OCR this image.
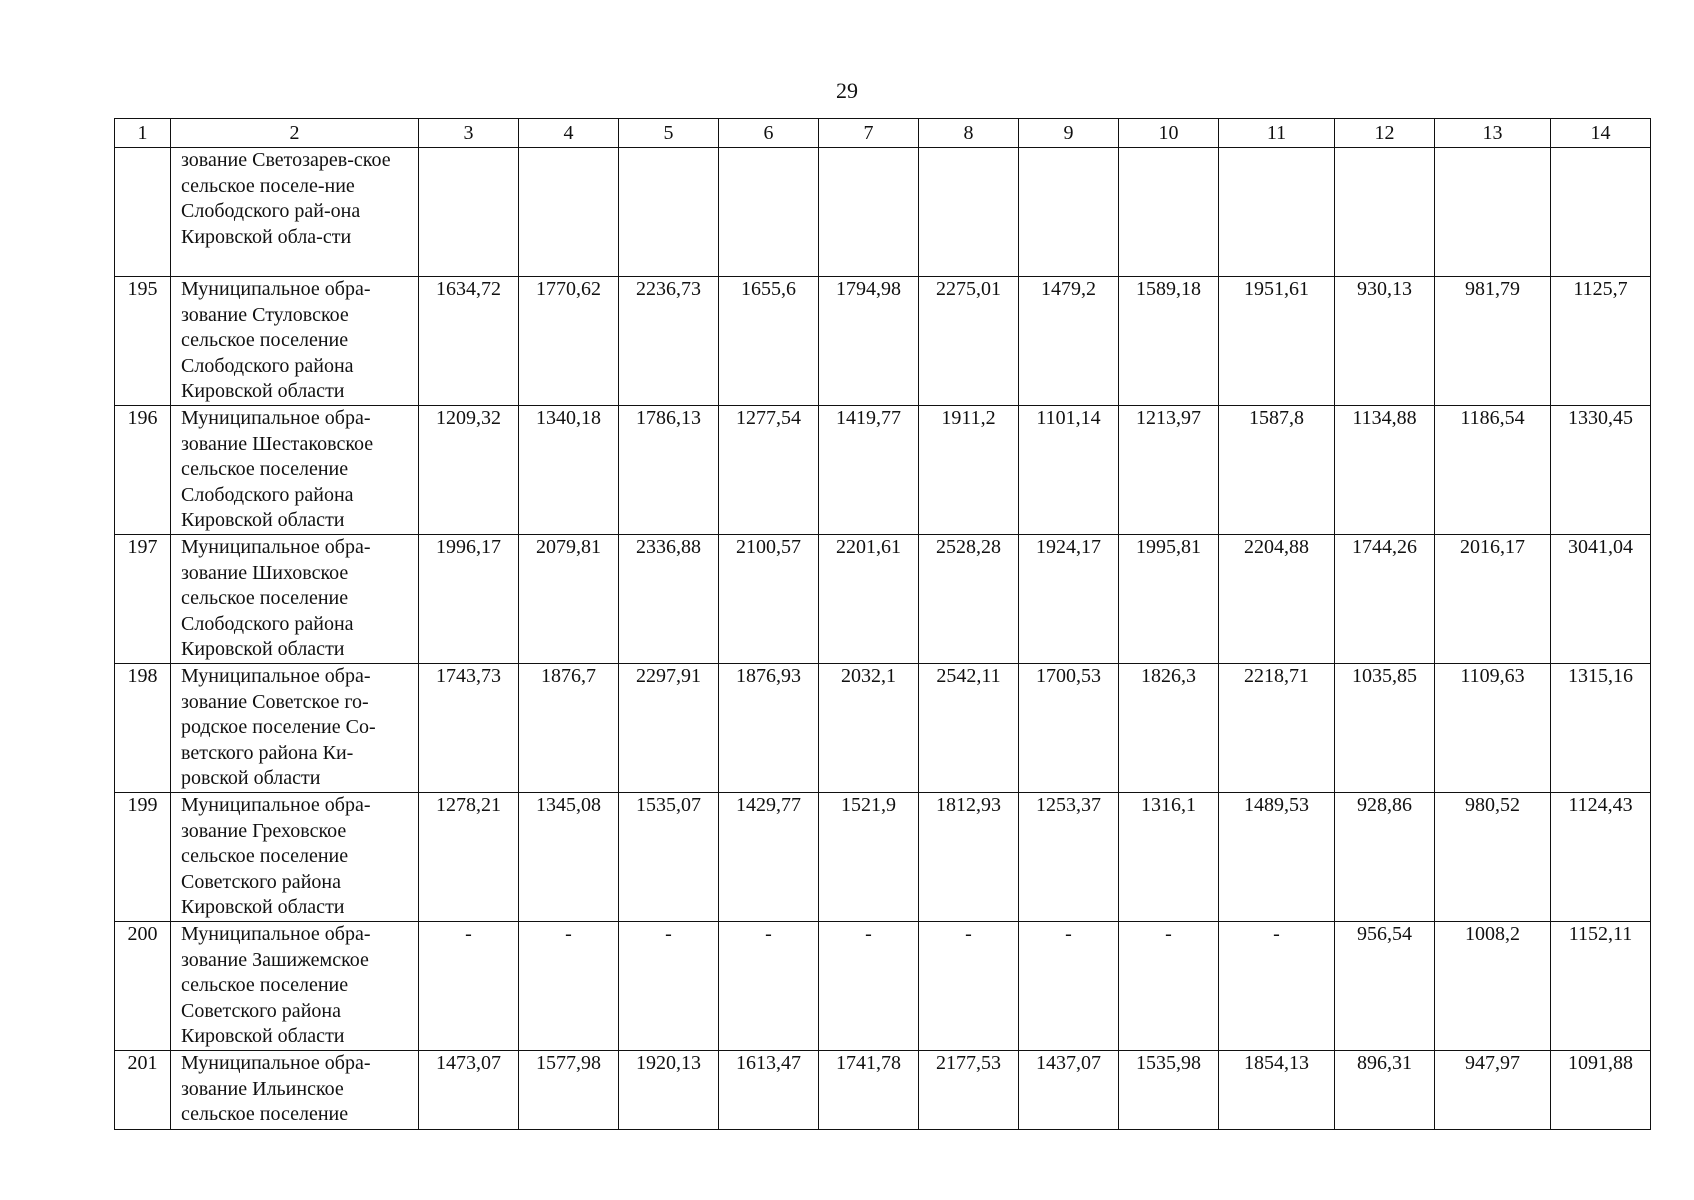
29
1	2	3	4	5	6	7	8	9	10	11	12	13	14
	зование Светозарев-ское сельское поселе-ние Слободского рай-она Кировской обла-сти												
195	Муниципальное обра-зование Стуловское сельское поселение Слободского района Кировской области	1634,72	1770,62	2236,73	1655,6	1794,98	2275,01	1479,2	1589,18	1951,61	930,13	981,79	1125,7
196	Муниципальное обра-зование Шестаковское сельское поселение Слободского района Кировской области	1209,32	1340,18	1786,13	1277,54	1419,77	1911,2	1101,14	1213,97	1587,8	1134,88	1186,54	1330,45
197	Муниципальное обра-зование Шиховское сельское поселение Слободского района Кировской области	1996,17	2079,81	2336,88	2100,57	2201,61	2528,28	1924,17	1995,81	2204,88	1744,26	2016,17	3041,04
198	Муниципальное обра-зование Советское го-родское поселение Со-ветского района Ки-ровской области	1743,73	1876,7	2297,91	1876,93	2032,1	2542,11	1700,53	1826,3	2218,71	1035,85	1109,63	1315,16
199	Муниципальное обра-зование Греховское сельское поселение Советского района Кировской области	1278,21	1345,08	1535,07	1429,77	1521,9	1812,93	1253,37	1316,1	1489,53	928,86	980,52	1124,43
200	Муниципальное обра-зование Зашижемское сельское поселение Советского района Кировской области	-	-	-	-	-	-	-	-	-	956,54	1008,2	1152,11
201	Муниципальное обра-зование Ильинское сельское поселение	1473,07	1577,98	1920,13	1613,47	1741,78	2177,53	1437,07	1535,98	1854,13	896,31	947,97	1091,88
